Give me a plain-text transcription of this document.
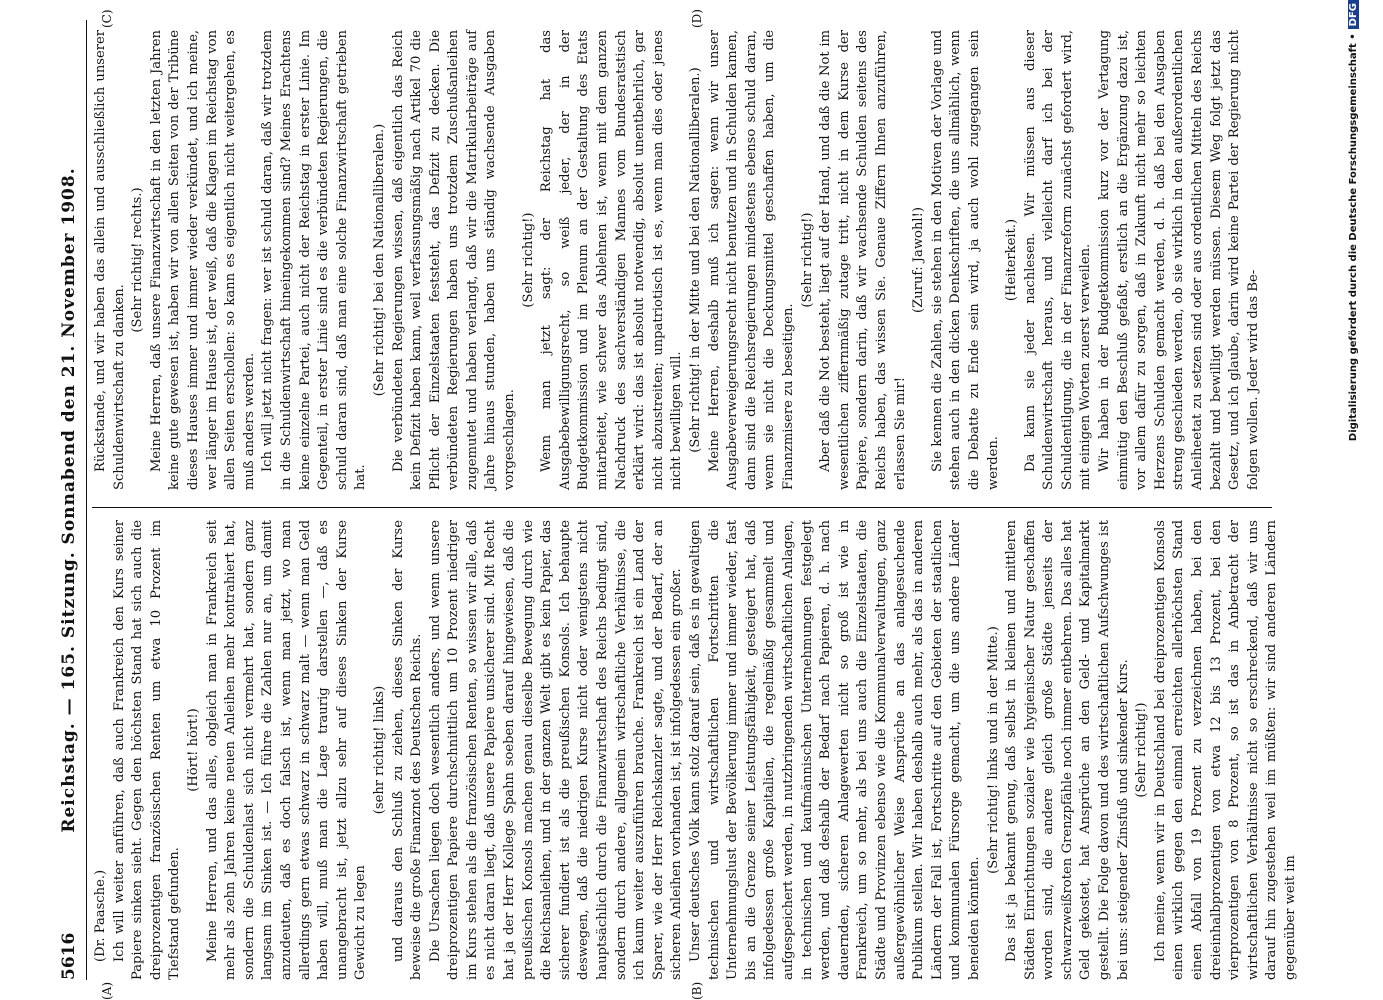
5616
Reichstag. — 165. Sitzung. Sonnabend den 21. November 1908.
(A)	(B)
(C)	(D)

(Dr. Paasche.) Ich will weiter anführen, daß auch Frankreich den Kurs seiner Papiere sinken sieht. Gegen den höchsten Stand hat sich auch die dreiprozentigen französischen Renten um etwa 10 Prozent im Tiefstand gefunden.

(Hört! hört!) Meine Herren, und das alles, obgleich man in Frankreich seit mehr als zehn Jahren keine neuen Anleihen mehr kontrahiert hat, sondern die Schuldenlast sich nicht vermehrt hat, sondern ganz langsam im Sinken ist. — Ich führe die Zahlen nur an, um damit anzudeuten, daß es doch falsch ist, wenn man jetzt, wo man allerdings gern etwas schwarz in schwarz malt — wenn man Geld haben will, muß man die Lage traurig darstellen —, daß es unangebracht ist, jetzt allzu sehr auf dieses Sinken der Kurse Gewicht zu legen

(sehr richtig! links) und daraus den Schluß zu ziehen, dieses Sinken der Kurse beweise die große Finanznot des Deutschen Reichs. Die Ursachen liegen doch wesentlich anders, und wenn unsere dreiprozentigen Papiere durchschnittlich um 10 Prozent niedriger im Kurs stehen als die französischen Renten, so wissen wir alle, daß es nicht daran liegt, daß unsere Papiere unsicherer sind. Mit Recht hat ja der Herr Kollege Spahn soeben darauf hingewiesen, daß die preußischen Konsols machen genau dieselbe Bewegung durch wie die Reichsanleihen, und in der ganzen Welt gibt es kein Papier, das sicherer fundiert ist als die preußischen Konsols. Ich behaupte deswegen, daß die niedrigen Kurse nicht oder wenigstens nicht hauptsächlich durch die Finanzwirtschaft des Reichs bedingt sind, sondern durch andere, allgemein wirtschaftliche Verhältnisse, die ich kaum weiter auszuführen brauche. Frankreich ist ein Land der Sparer, wie der Herr Reichskanzler sagte, und der Bedarf, der an sicheren Anleihen vorhanden ist, ist infolgedessen ein großer. Unser deutsches Volk kann stolz darauf sein, daß es in gewaltigen technischen und wirtschaftlichen Fortschritten die Unternehmungslust der Bevölkerung immer und immer wieder, fast bis an die Grenze seiner Leistungsfähigkeit, gesteigert hat, daß infolgedessen große Kapitalien, die regelmäßig gesammelt und aufgespeichert werden, in nutzbringenden wirtschaftlichen Anlagen, in technischen und kaufmännischen Unternehmungen festgelegt werden, und daß deshalb der Bedarf nach Papieren, d. h. nach dauernden, sicheren Anlagewerten nicht so groß ist wie in Frankreich, um so mehr, als bei uns auch die Einzelstaaten, die Städte und Provinzen ebenso wie die Kommunalverwaltungen, ganz außergewöhnlicher Weise Ansprüche an das anlagesuchende Publikum stellen. Wir haben deshalb auch mehr, als das in anderen Ländern der Fall ist, Fortschritte auf den Gebieten der staatlichen und kommunalen Fürsorge gemacht, um die uns andere Länder beneiden könnten.

(Sehr richtig! links und in der Mitte.) Das ist ja bekannt genug, daß selbst in kleinen und mittleren Städten Einrichtungen sozialer wie hygienischer Natur geschaffen worden sind, die andere gleich große Städte jenseits der schwarzweißroten Grenzpfähle noch immer entbehren. Das alles hat Geld gekostet, hat Ansprüche an den Geld- und Kapitalmarkt gestellt. Die Folge davon und des wirtschaftlichen Aufschwunges ist bei uns: steigender Zinsfuß und sinkender Kurs. (Sehr richtig!) Ich meine, wenn wir in Deutschland bei dreiprozentigen Konsols einen wirklich gegen den einmal erreichten allerhöchsten Stand einen Abfall von 19 Prozent zu verzeichnen haben, bei den dreieinhalbprozentigen von etwa 12 bis 13 Prozent, bei den vierprozentigen von 8 Prozent, so ist das in Anbetracht der wirtschaftlichen Verhältnisse nicht so erschreckend, daß wir uns darauf hin zugestehen weil im müßten: wir sind anderen Ländern gegenüber weit im

Rückstande, und wir haben das allein und ausschließlich unserer Schuldenwirtschaft zu danken.

(Sehr richtig! rechts.) Meine Herren, daß unsere Finanzwirtschaft in den letzten Jahren keine gute gewesen ist, haben wir von allen Seiten von der Tribüne dieses Hauses immer und immer wieder verkündet, und ich meine, wer länger im Hause ist, der weiß, daß die Klagen im Reichstag von allen Seiten erschollen: so kann es eigentlich nicht weitergehen, es muß anders werden. Ich will jetzt nicht fragen: wer ist schuld daran, daß wir trotzdem in die Schuldenwirtschaft hineingekommen sind? Meines Erachtens keine einzelne Partei, auch nicht der Reichstag in erster Linie. Im Gegenteil, in erster Linie sind es die verbündeten Regierungen, die schuld daran sind, daß man eine solche Finanzwirtschaft getrieben hat.

(Sehr richtig! bei den Nationalliberalen.) Die verbündeten Regierungen wissen, daß eigentlich das Reich kein Defizit haben kann, weil verfassungsmäßig nach Artikel 70 die Pflicht der Einzelstaaten feststeht, das Defizit zu decken. Die verbündeten Regierungen haben uns trotzdem Zuschußanleihen zugemutet und haben verlangt, daß wir die Matrikularbeiträge auf Jahre hinaus stunden, haben uns ständig wachsende Ausgaben vorgeschlagen.

(Sehr richtig!) Wenn man jetzt sagt: der Reichstag hat das Ausgabebewilligungsrecht, so weiß jeder, der in der Budgetkommission und im Plenum an der Gestaltung des Etats mitarbeitet, wie schwer das Ablehnen ist, wenn mit dem ganzen Nachdruck des sachverständigen Mannes vom Bundesratstisch erklärt wird: das ist absolut notwendig, absolut unentbehrlich, gar nicht abzustreiten; unpatriotisch ist es, wenn man dies oder jenes nicht bewilligen will. (Sehr richtig! in der Mitte und bei den Nationalliberalen.) Meine Herren, deshalb muß ich sagen: wenn wir unser Ausgabeverweigerungsrecht nicht benutzen und in Schulden kamen, dann sind die Reichsregierungen mindestens ebenso schuld daran, wenn sie nicht die Deckungsmittel geschaffen haben, um die Finanzmisere zu beseitigen.

(Sehr richtig!) Aber daß die Not besteht, liegt auf der Hand, und daß die Not im wesentlichen ziffernmäßig zutage tritt, nicht in dem Kurse der Papiere, sondern darin, daß wir wachsende Schulden seitens des Reichs haben, das wissen Sie. Genaue Ziffern Ihnen anzuführen, erlassen Sie mir!

(Zuruf: Jawohl!) Sie kennen die Zahlen, sie stehen in den Motiven der Vorlage und stehen auch in den dicken Denkschriften, die uns allmählich, wenn die Debatte zu Ende sein wird, ja auch wohl zugegangen sein werden.

(Heiterkeit.) Da kann sie jeder nachlesen. Wir müssen aus dieser Schuldenwirtschaft heraus, und vielleicht darf ich bei der Schuldentilgung, die in der Finanzreform zunächst gefordert wird, mit einigen Worten zuerst verweilen. Wir haben in der Budgetkommission kurz vor der Vertagung einmütig den Beschluß gefaßt, erstlich an die Ergänzung dazu ist, vor allem dafür zu sorgen, daß in Zukunft nicht mehr so leichten Herzens Schulden gemacht werden, d. h. daß bei den Ausgaben streng geschieden werden, ob sie wirklich in den außerordentlichen Anleiheetat zu setzen sind oder aus ordentlichen Mitteln des Reichs bezahlt und bewilligt werden müssen. Diesem Weg folgt jetzt das Gesetz, und ich glaube, darin wird keine Partei der Regierung nicht folgen wollen. Jeder wird das Be-	Digitalisierung gefördert durch die Deutsche Forschungsgemeinschaft •DFG
